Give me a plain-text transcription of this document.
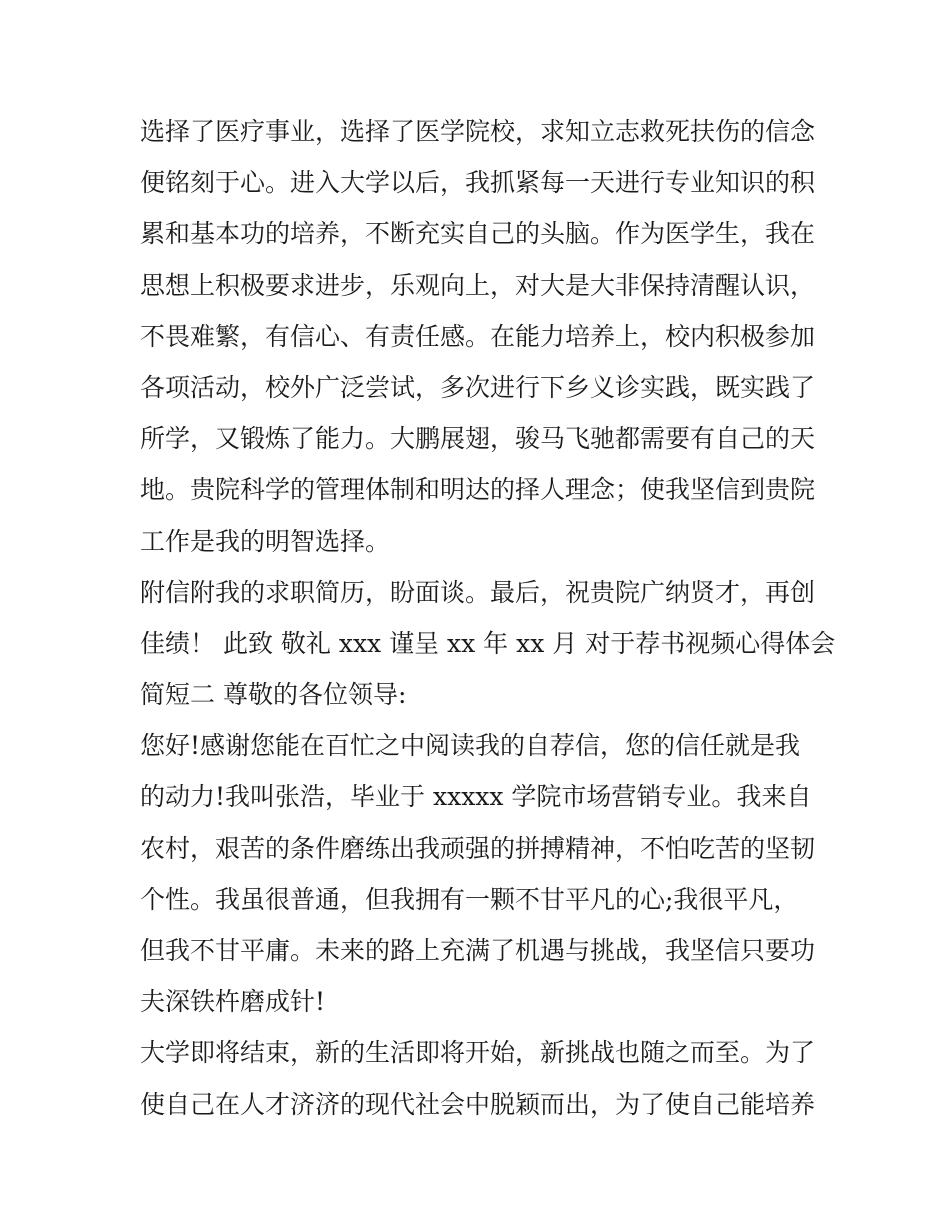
选择了医疗事业，选择了医学院校，求知立志救死扶伤的信念
便铭刻于心。进入大学以后，我抓紧每一天进行专业知识的积
累和基本功的培养，不断充实自己的头脑。作为医学生，我在
思想上积极要求进步，乐观向上，对大是大非保持清醒认识，
不畏难繁，有信心、有责任感。在能力培养上，校内积极参加
各项活动，校外广泛尝试，多次进行下乡义诊实践，既实践了
所学，又锻炼了能力。大鹏展翅，骏马飞驰都需要有自己的天
地。贵院科学的管理体制和明达的择人理念；使我坚信到贵院
工作是我的明智选择。
附信附我的求职简历，盼面谈。最后，祝贵院广纳贤才，再创
佳绩！ 此致 敬礼 xxx 谨呈 xx 年 xx 月 对于荐书视频心得体会
简短二 尊敬的各位领导:
您好!感谢您能在百忙之中阅读我的自荐信，您的信任就是我
的动力!我叫张浩，毕业于 xxxxx 学院市场营销专业。我来自
农村，艰苦的条件磨练出我顽强的拼搏精神，不怕吃苦的坚韧
个性。我虽很普通，但我拥有一颗不甘平凡的心;我很平凡，
但我不甘平庸。未来的路上充满了机遇与挑战，我坚信只要功
夫深铁杵磨成针!
大学即将结束，新的生活即将开始，新挑战也随之而至。为了
使自己在人才济济的现代社会中脱颖而出，为了使自己能培养
